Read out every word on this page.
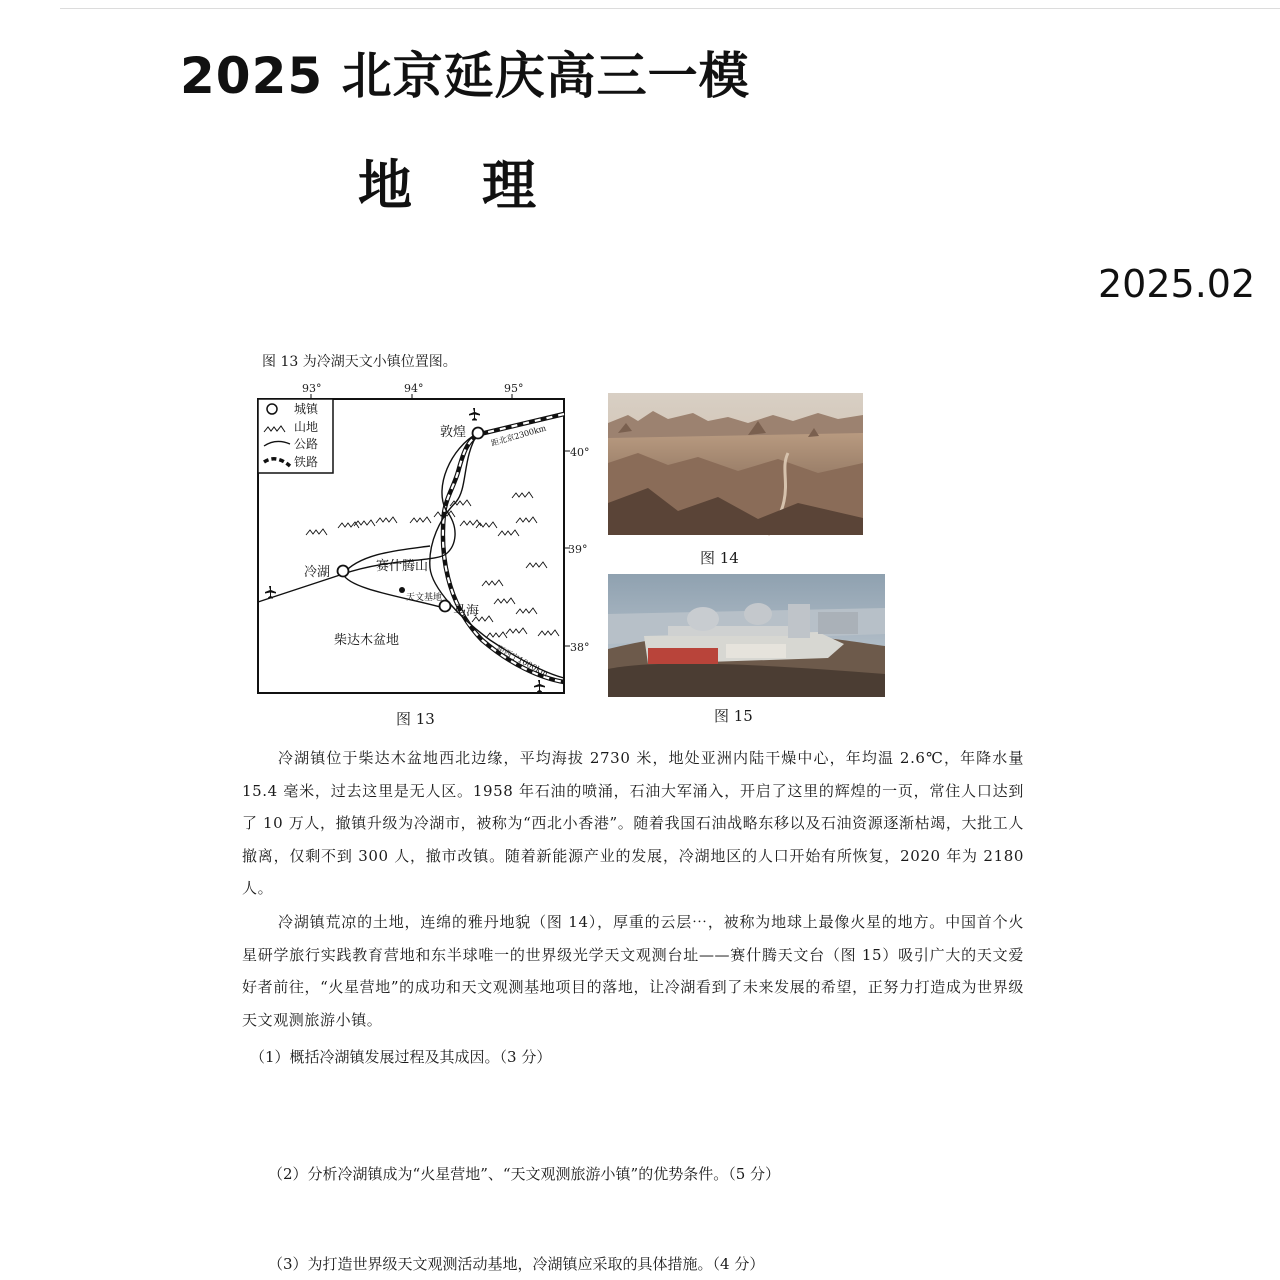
2025 北京延庆高三一模
地理
2025.02
图 13 为冷湖天文小镇位置图。
93°	94°	95°
40°
39°
38°
城镇
山地
公路
铁路
敦煌
冷湖	赛什腾山
天文基地
马海
柴达木盆地
距北京2300km
距西宁1000km
图 13
图 14
图 15

冷湖镇位于柴达木盆地西北边缘，平均海拔 2730 米，地处亚洲内陆干燥中心，年均温 2.6℃，年降水量 15.4 毫米，过去这里是无人区。1958 年石油的喷涌，石油大军涌入，开启了这里的辉煌的一页，常住人口达到了 10 万人，撤镇升级为冷湖市，被称为“西北小香港”。随着我国石油战略东移以及石油资源逐渐枯竭，大批工人撤离，仅剩不到 300 人，撤市改镇。随着新能源产业的发展，冷湖地区的人口开始有所恢复，2020 年为 2180 人。

冷湖镇荒凉的土地，连绵的雅丹地貌（图 14），厚重的云层⋯，被称为地球上最像火星的地方。中国首个火星研学旅行实践教育营地和东半球唯一的世界级光学天文观测台址——赛什腾天文台（图 15）吸引广大的天文爱好者前往，“火星营地”的成功和天文观测基地项目的落地，让冷湖看到了未来发展的希望，正努力打造成为世界级天文观测旅游小镇。

（1）概括冷湖镇发展过程及其成因。（3 分）
（2）分析冷湖镇成为“火星营地”、“天文观测旅游小镇”的优势条件。（5 分）
（3）为打造世界级天文观测活动基地，冷湖镇应采取的具体措施。（4 分）
